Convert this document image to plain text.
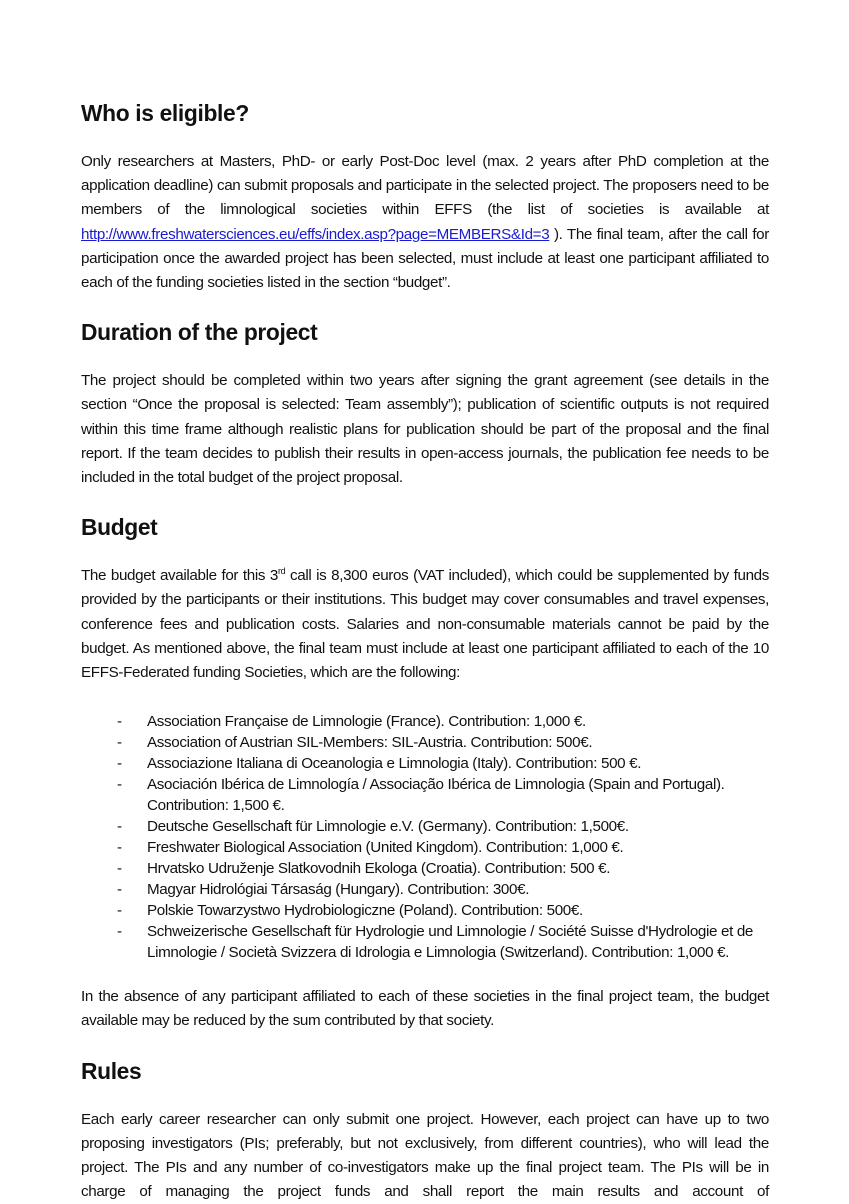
Who is eligible?

Only researchers at Masters, PhD- or early Post-Doc level (max. 2 years after PhD completion at the application deadline) can submit proposals and participate in the selected project. The proposers need to be members of the limnological societies within EFFS (the list of societies is available at http://www.freshwatersciences.eu/effs/index.asp?page=MEMBERS&Id=3 ). The final team, after the call for participation once the awarded project has been selected, must include at least one participant affiliated to each of the funding societies listed in the section “budget”.

Duration of the project

The project should be completed within two years after signing the grant agreement (see details in the section “Once the proposal is selected: Team assembly”); publication of scientific outputs is not required within this time frame although realistic plans for publication should be part of the proposal and the final report. If the team decides to publish their results in open-access journals, the publication fee needs to be included in the total budget of the project proposal.

Budget

The budget available for this 3rd call is 8,300 euros (VAT included), which could be supplemented by funds provided by the participants or their institutions. This budget may cover consumables and travel expenses, conference fees and publication costs. Salaries and non-consumable materials cannot be paid by the budget. As mentioned above, the final team must include at least one participant affiliated to each of the 10 EFFS-Federated funding Societies, which are the following:

- Association Française de Limnologie (France). Contribution: 1,000 €.
- Association of Austrian SIL-Members: SIL-Austria. Contribution: 500€.
- Associazione Italiana di Oceanologia e Limnologia (Italy). Contribution: 500 €.
- Asociación Ibérica de Limnología / Associação Ibérica de Limnologia (Spain and Portugal). Contribution: 1,500 €.
- Deutsche Gesellschaft für Limnologie e.V. (Germany). Contribution: 1,500€.
- Freshwater Biological Association (United Kingdom). Contribution: 1,000 €.
- Hrvatsko Udruženje Slatkovodnih Ekologa (Croatia). Contribution: 500 €.
- Magyar Hidrológiai Társaság (Hungary). Contribution: 300€.
- Polskie Towarzystwo Hydrobiologiczne (Poland). Contribution: 500€.
- Schweizerische Gesellschaft für Hydrologie und Limnologie / Société Suisse d'Hydrologie et de Limnologie / Società Svizzera di Idrologia e Limnologia (Switzerland). Contribution: 1,000 €.

In the absence of any participant affiliated to each of these societies in the final project team, the budget available may be reduced by the sum contributed by that society.

Rules

Each early career researcher can only submit one project. However, each project can have up to two proposing investigators (PIs; preferably, but not exclusively, from different countries), who will lead the project. The PIs and any number of co-investigators make up the final project team. The PIs will be in charge of managing the project funds and shall report the main results and account of
